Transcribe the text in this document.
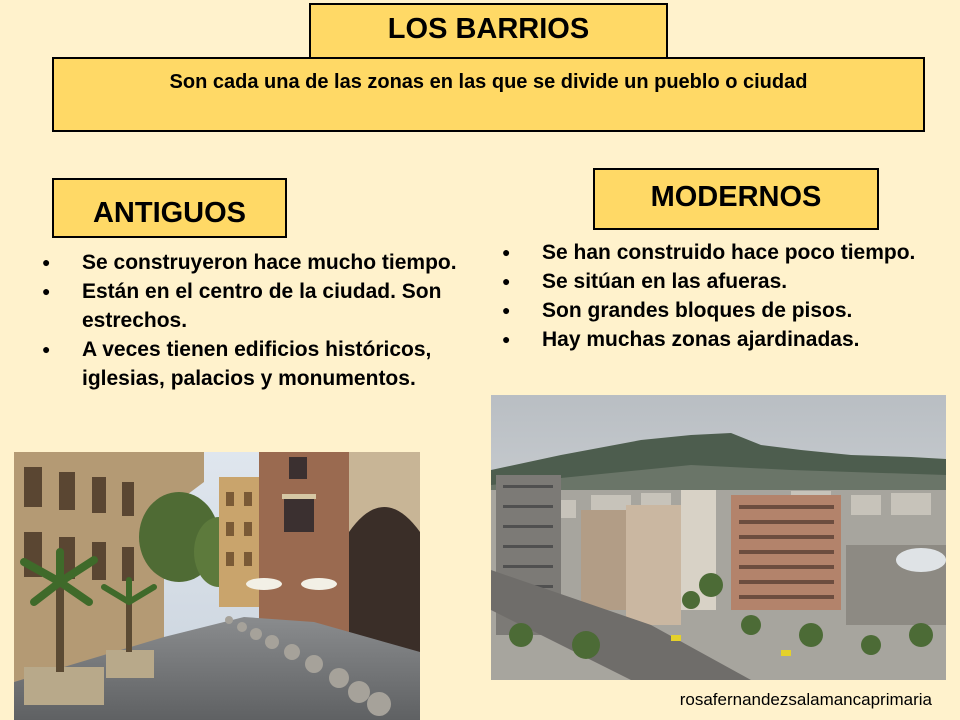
LOS BARRIOS
Son cada una de las zonas en las que se divide un pueblo o ciudad
ANTIGUOS
● Se construyeron hace mucho tiempo.
● Están en el centro de la ciudad. Son estrechos.
● A veces tienen edificios históricos, iglesias, palacios y monumentos.
MODERNOS
● Se han construido hace poco tiempo.
● Se sitúan en las afueras.
● Son grandes bloques de pisos.
● Hay muchas zonas ajardinadas.
rosafernandezsalamancaprimaria
